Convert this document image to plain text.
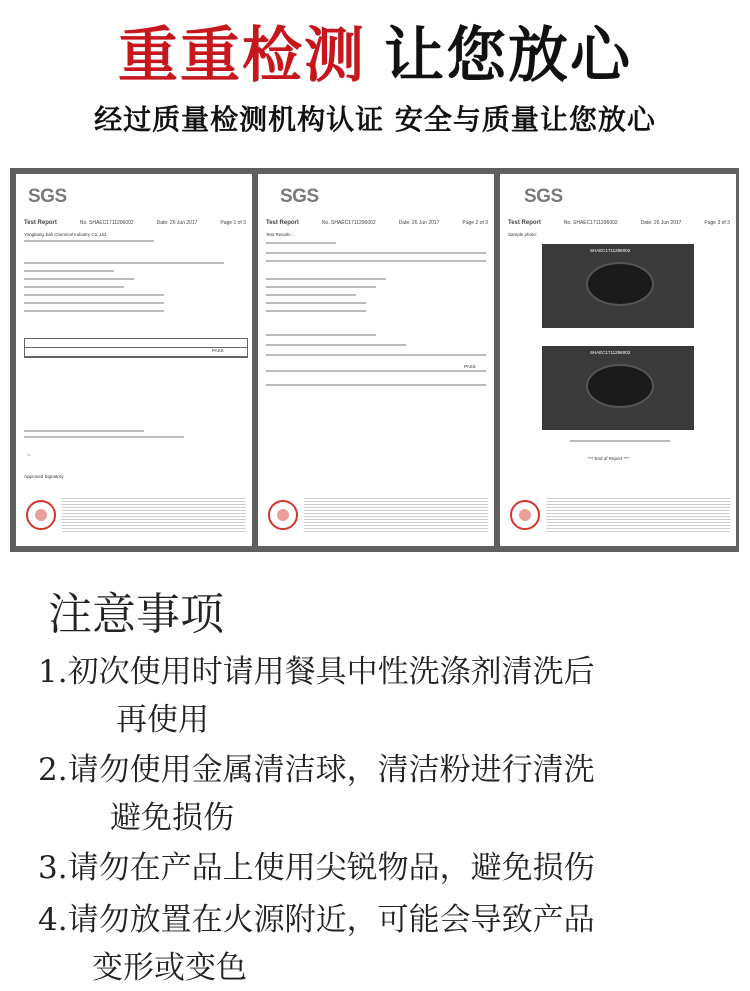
重重检测 让您放心
经过质量检测机构认证 安全与质量让您放心
SGS
Test Report	No. SHAEC1711296002	Date: 26 Jun 2017	Page 1 of 3
Yongkang Jiali Chemical Industry Co.,Ltd.
PASS
~
Approved Signatory
SGS
Test Report	No. SHAEC1711296002	Date: 26 Jun 2017	Page 2 of 3
Test Results :
PASS
SGS
Test Report	No. SHAEC1711296002	Date: 26 Jun 2017	Page 3 of 3
Sample photo:
SHAEC1711296002
SHAEC1711296002
*** End of Report ***
注意事项
1.初次使用时请用餐具中性洗涤剂清洗后
再使用
2.请勿使用金属清洁球，清洁粉进行清洗
避免损伤
3.请勿在产品上使用尖锐物品，避免损伤
4.请勿放置在火源附近，可能会导致产品
变形或变色
